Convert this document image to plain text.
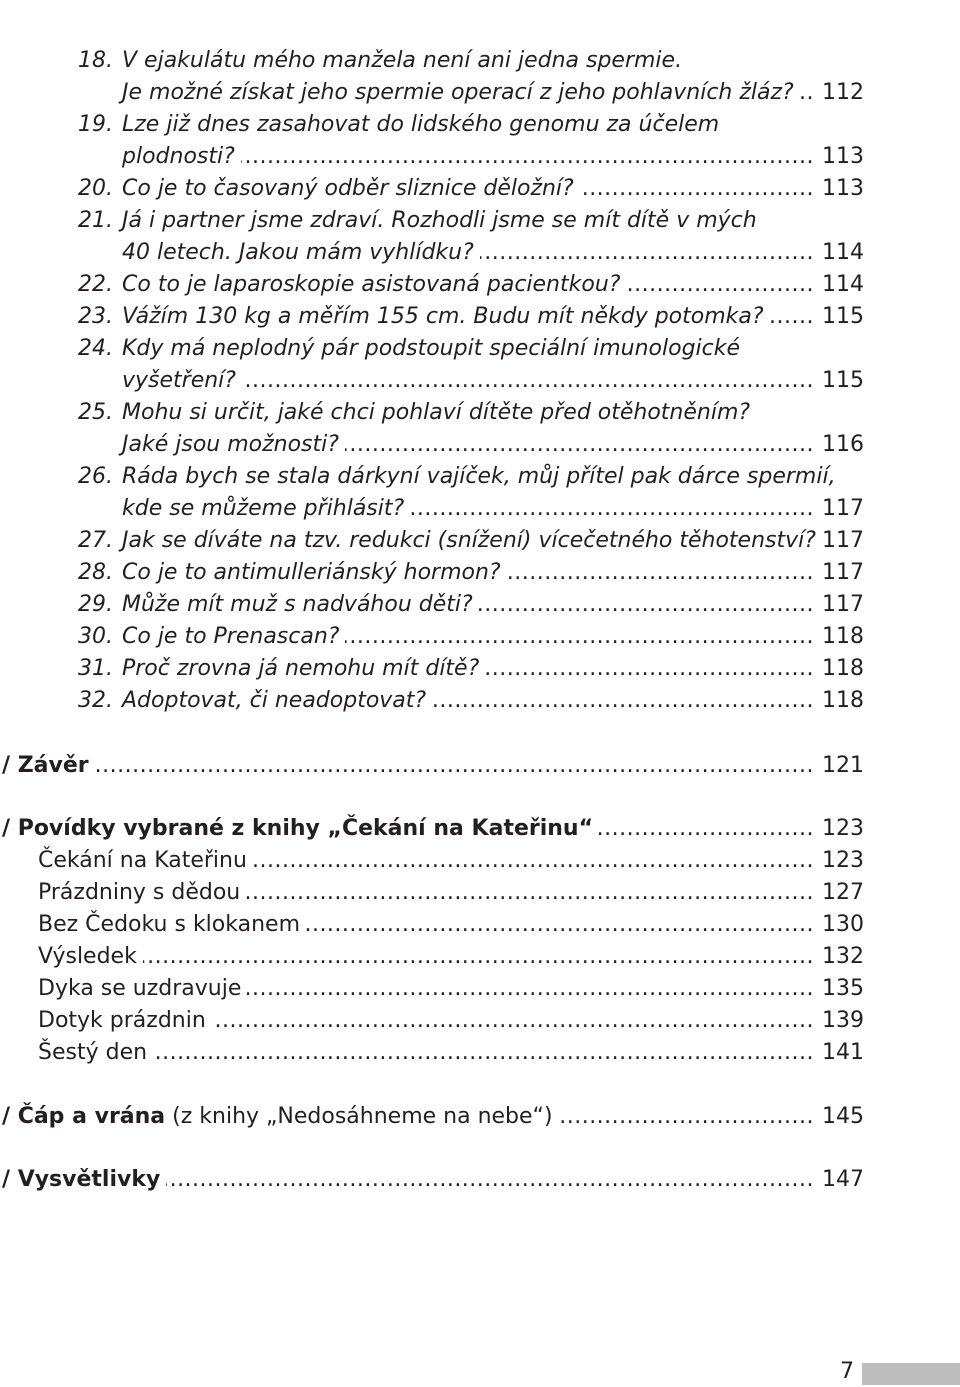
18. V ejakulátu mého manžela není ani jedna spermie.
Je možné získat jeho spermie operací z jeho pohlavních žláz? ..... 112
19. Lze již dnes zasahovat do lidského genomu za účelem
plodnosti? .....	113
20. Co je to časovaný odběr sliznice děložní? .....	113
21. Já i partner jsme zdraví. Rozhodli jsme se mít dítě v mých
40 letech. Jakou mám vyhlídku? .....	114
22. Co to je laparoskopie asistovaná pacientkou? .....	114
23. Vážím 130 kg a měřím 155 cm. Budu mít někdy potomka? .....	115
24. Kdy má neplodný pár podstoupit speciální imunologické
vyšetření? .....	115
25. Mohu si určit, jaké chci pohlaví dítěte před otěhotněním?
Jaké jsou možnosti? .....	116
26. Ráda bych se stala dárkyní vajíček, můj přítel pak dárce spermií,
kde se můžeme přihlásit? .....	117
27. Jak se díváte na tzv. redukci (snížení) vícečetného těhotenství? 117
28. Co je to antimulleriánský hormon? .....	117
29. Může mít muž s nadváhou děti? .....	117
30. Co je to Prenascan? .....	118
31. Proč zrovna já nemohu mít dítě? .....	118
32. Adoptovat, či neadoptovat? .....	118
/ Závěr .....	121
/ Povídky vybrané z knihy „Čekání na Kateřinu“ .....	123
Čekání na Kateřinu .....	123
Prázdniny s dědou .....	127
Bez Čedoku s klokanem .....	130
Výsledek .....	132
Dyka se uzdravuje .....	135
Dotyk prázdnin .....	139
Šestý den .....	141
/ Čáp a vrána (z knihy „Nedosáhneme na nebe“) .....	145
/ Vysvětlivky .....	147
7
